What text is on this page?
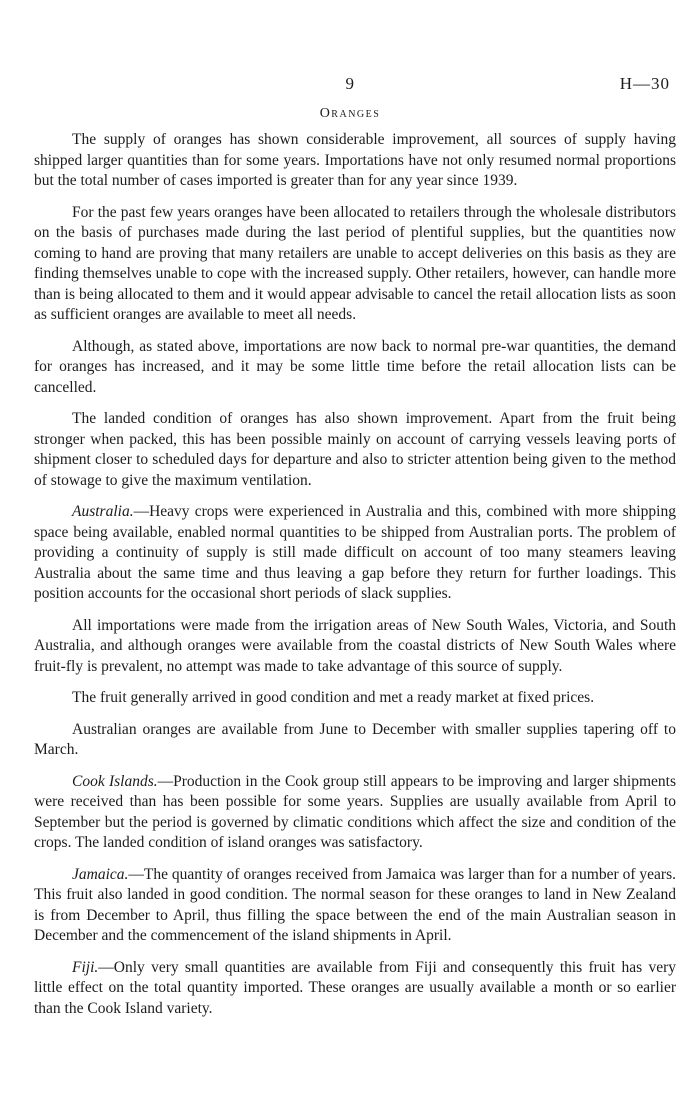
9	H—30
Oranges

The supply of oranges has shown considerable improvement, all sources of supply having shipped larger quantities than for some years. Importations have not only resumed normal proportions but the total number of cases imported is greater than for any year since 1939.

For the past few years oranges have been allocated to retailers through the wholesale distributors on the basis of purchases made during the last period of plentiful supplies, but the quantities now coming to hand are proving that many retailers are unable to accept deliveries on this basis as they are finding themselves unable to cope with the increased supply. Other retailers, however, can handle more than is being allocated to them and it would appear advisable to cancel the retail allocation lists as soon as sufficient oranges are available to meet all needs.

Although, as stated above, importations are now back to normal pre-war quantities, the demand for oranges has increased, and it may be some little time before the retail allocation lists can be cancelled.

The landed condition of oranges has also shown improvement. Apart from the fruit being stronger when packed, this has been possible mainly on account of carrying vessels leaving ports of shipment closer to scheduled days for departure and also to stricter attention being given to the method of stowage to give the maximum ventilation.

Australia.—Heavy crops were experienced in Australia and this, combined with more shipping space being available, enabled normal quantities to be shipped from Australian ports. The problem of providing a continuity of supply is still made difficult on account of too many steamers leaving Australia about the same time and thus leaving a gap before they return for further loadings. This position accounts for the occasional short periods of slack supplies.

All importations were made from the irrigation areas of New South Wales, Victoria, and South Australia, and although oranges were available from the coastal districts of New South Wales where fruit-fly is prevalent, no attempt was made to take advantage of this source of supply.

The fruit generally arrived in good condition and met a ready market at fixed prices.

Australian oranges are available from June to December with smaller supplies tapering off to March.

Cook Islands.—Production in the Cook group still appears to be improving and larger shipments were received than has been possible for some years. Supplies are usually available from April to September but the period is governed by climatic conditions which affect the size and condition of the crops. The landed condition of island oranges was satisfactory.

Jamaica.—The quantity of oranges received from Jamaica was larger than for a number of years. This fruit also landed in good condition. The normal season for these oranges to land in New Zealand is from December to April, thus filling the space between the end of the main Australian season in December and the commencement of the island shipments in April.

Fiji.—Only very small quantities are available from Fiji and consequently this fruit has very little effect on the total quantity imported. These oranges are usually available a month or so earlier than the Cook Island variety.
